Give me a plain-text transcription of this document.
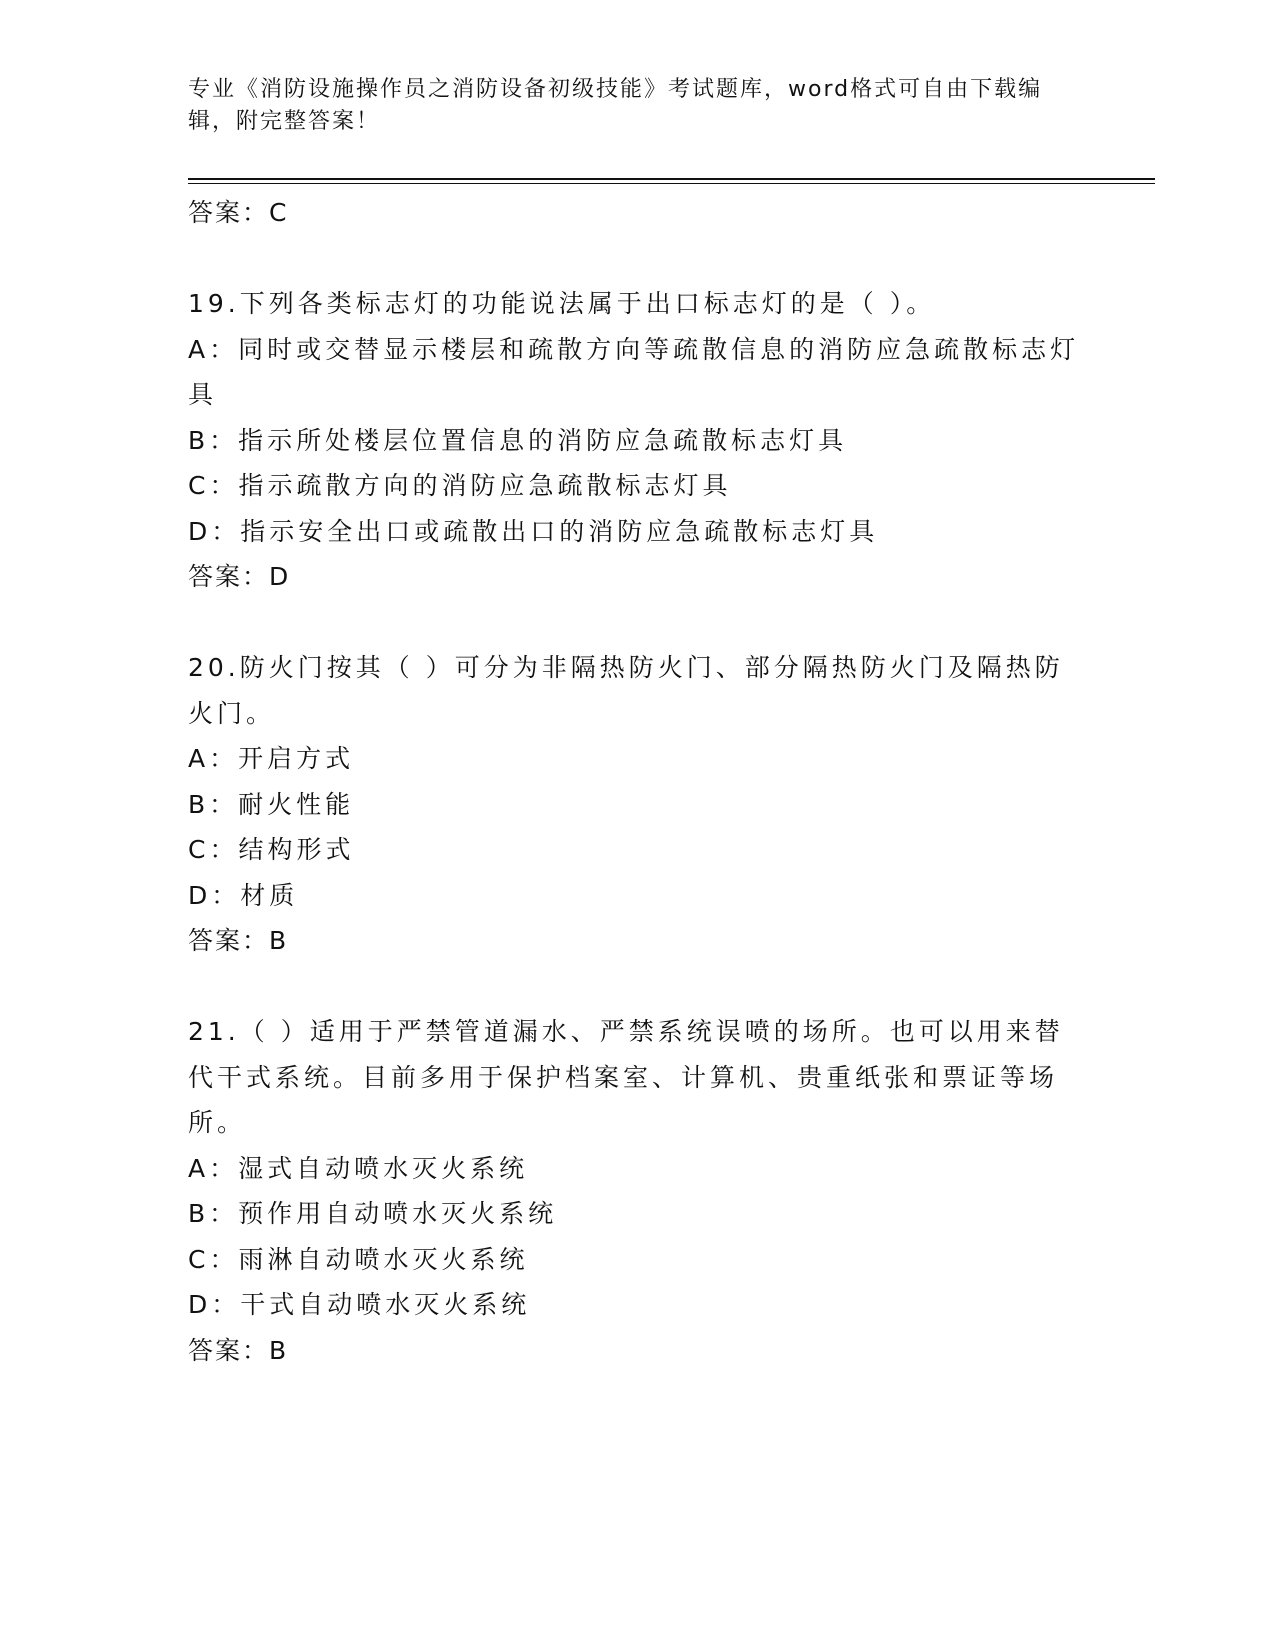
专业《消防设施操作员之消防设备初级技能》考试题库，word格式可自由下载编
辑，附完整答案！
答案：C
19.下列各类标志灯的功能说法属于出口标志灯的是（ ）。
A：同时或交替显示楼层和疏散方向等疏散信息的消防应急疏散标志灯
具
B：指示所处楼层位置信息的消防应急疏散标志灯具
C：指示疏散方向的消防应急疏散标志灯具
D：指示安全出口或疏散出口的消防应急疏散标志灯具
答案：D
20.防火门按其（ ）可分为非隔热防火门、部分隔热防火门及隔热防
火门。
A：开启方式
B：耐火性能
C：结构形式
D：材质
答案：B
21.（ ）适用于严禁管道漏水、严禁系统误喷的场所。也可以用来替
代干式系统。目前多用于保护档案室、计算机、贵重纸张和票证等场
所。
A：湿式自动喷水灭火系统
B：预作用自动喷水灭火系统
C：雨淋自动喷水灭火系统
D：干式自动喷水灭火系统
答案：B
